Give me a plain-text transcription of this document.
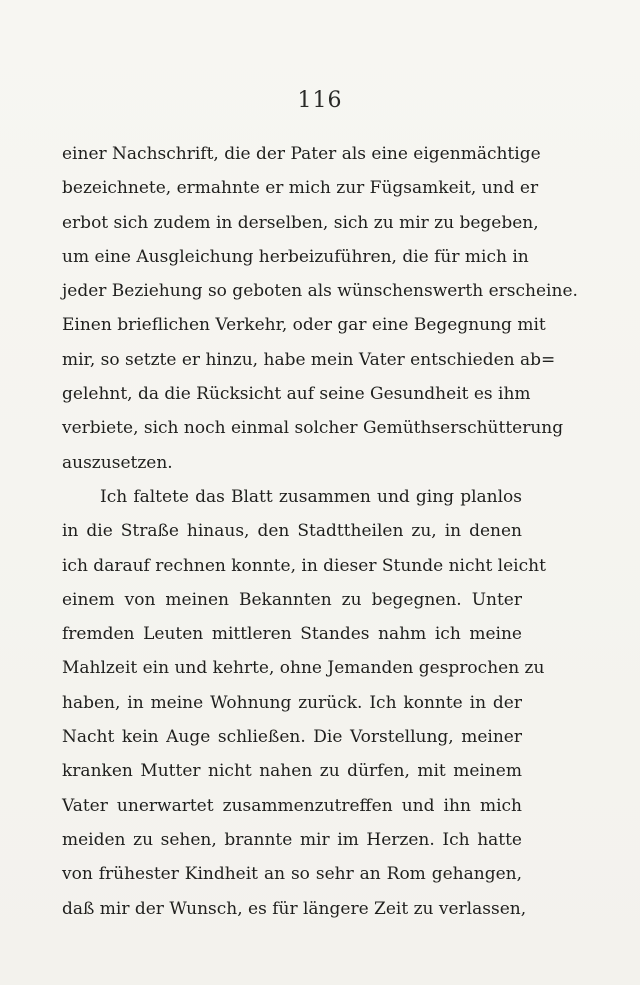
116
einer Nachschrift, die der Pater als eine eigenmächtige
bezeichnete, ermahnte er mich zur Fügsamkeit, und er
erbot sich zudem in derselben, sich zu mir zu begeben,
um eine Ausgleichung herbeizuführen, die für mich in
jeder Beziehung so geboten als wünschenswerth erscheine.
Einen brieflichen Verkehr, oder gar eine Begegnung mit
mir, so setzte er hinzu, habe mein Vater entschieden ab=
gelehnt, da die Rücksicht auf seine Gesundheit es ihm
verbiete, sich noch einmal solcher Gemüthserschütterung
auszusetzen.
Ich faltete das Blatt zusammen und ging planlos
in die Straße hinaus, den Stadttheilen zu, in denen
ich darauf rechnen konnte, in dieser Stunde nicht leicht
einem von meinen Bekannten zu begegnen. Unter
fremden Leuten mittleren Standes nahm ich meine
Mahlzeit ein und kehrte, ohne Jemanden gesprochen zu
haben, in meine Wohnung zurück. Ich konnte in der
Nacht kein Auge schließen. Die Vorstellung, meiner
kranken Mutter nicht nahen zu dürfen, mit meinem
Vater unerwartet zusammenzutreffen und ihn mich
meiden zu sehen, brannte mir im Herzen. Ich hatte
von frühester Kindheit an so sehr an Rom gehangen,
daß mir der Wunsch, es für längere Zeit zu verlassen,
